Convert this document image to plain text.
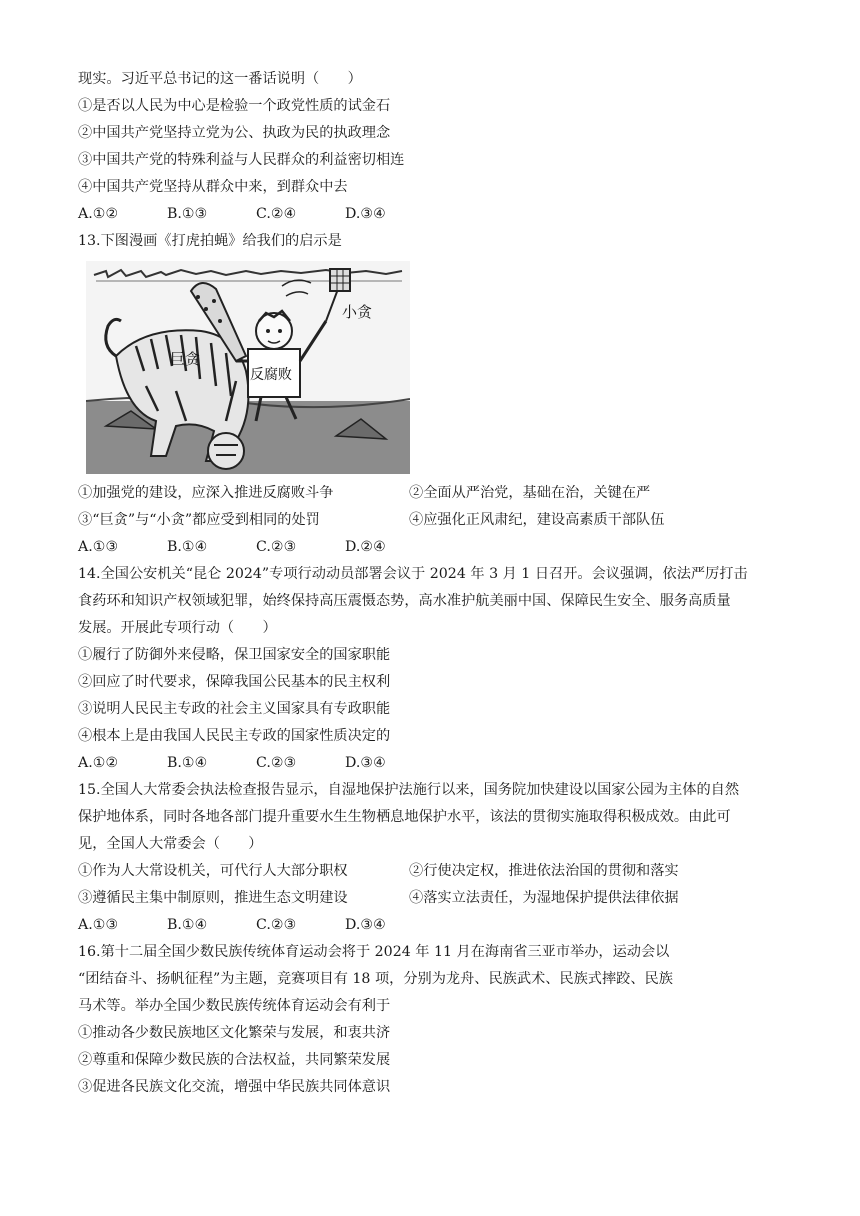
现实。习近平总书记的这一番话说明（　　）
①是否以人民为中心是检验一个政党性质的试金石
②中国共产党坚持立党为公、执政为民的执政理念
③中国共产党的特殊利益与人民群众的利益密切相连
④中国共产党坚持从群众中来，到群众中去
A.①②	B.①③	C.②④	D.③④
13.下图漫画《打虎拍蝇》给我们的启示是
巨贪
小贪
反腐败
①加强党的建设，应深入推进反腐败斗争	②全面从严治党，基础在治，关键在严
③“巨贪”与“小贪”都应受到相同的处罚	④应强化正风肃纪，建设高素质干部队伍
A.①③	B.①④	C.②③	D.②④
14.全国公安机关“昆仑 2024”专项行动动员部署会议于 2024 年 3 月 1 日召开。会议强调，依法严厉打击
食药环和知识产权领域犯罪，始终保持高压震慑态势，高水准护航美丽中国、保障民生安全、服务高质量
发展。开展此专项行动（　　）
①履行了防御外来侵略，保卫国家安全的国家职能
②回应了时代要求，保障我国公民基本的民主权利
③说明人民民主专政的社会主义国家具有专政职能
④根本上是由我国人民民主专政的国家性质决定的
A.①②	B.①④	C.②③	D.③④
15.全国人大常委会执法检查报告显示，自湿地保护法施行以来，国务院加快建设以国家公园为主体的自然
保护地体系，同时各地各部门提升重要水生生物栖息地保护水平，该法的贯彻实施取得积极成效。由此可
见，全国人大常委会（　　）
①作为人大常设机关，可代行人大部分职权	②行使决定权，推进依法治国的贯彻和落实
③遵循民主集中制原则，推进生态文明建设	④落实立法责任，为湿地保护提供法律依据
A.①③	B.①④	C.②③	D.③④
16.第十二届全国少数民族传统体育运动会将于 2024 年 11 月在海南省三亚市举办，运动会以
“团结奋斗、扬帆征程”为主题，竞赛项目有 18 项，分别为龙舟、民族武术、民族式摔跤、民族
马术等。举办全国少数民族传统体育运动会有利于
①推动各少数民族地区文化繁荣与发展，和衷共济
②尊重和保障少数民族的合法权益，共同繁荣发展
③促进各民族文化交流，增强中华民族共同体意识
